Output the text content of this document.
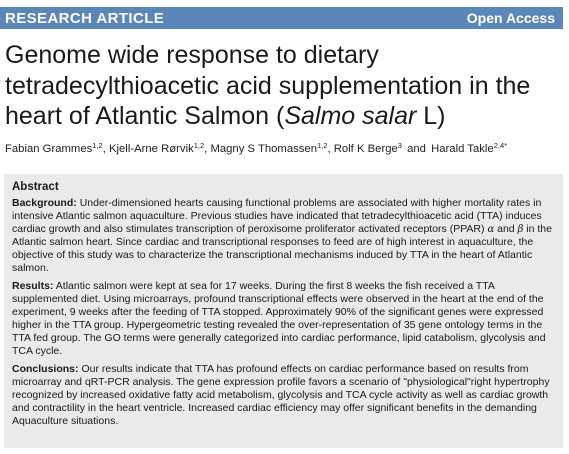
RESEARCH ARTICLE	Open Access
Genome wide response to dietary tetradecylthioacetic acid supplementation in the heart of Atlantic Salmon (Salmo salar L)
Fabian Grammes$^{1,2}$, Kjell-Arne Rørvik$^{1,2}$, Magny S Thomassen$^{1,2}$, Rolf K Berge$^3$ and Harald Takle$^{2,4*}$
Abstract

Background: Under-dimensioned hearts causing functional problems are associated with higher mortality rates in intensive Atlantic salmon aquaculture. Previous studies have indicated that tetradecylthioacetic acid (TTA) induces cardiac growth and also stimulates transcription of peroxisome proliferator activated receptors (PPAR) α and β in the Atlantic salmon heart. Since cardiac and transcriptional responses to feed are of high interest in aquaculture, the objective of this study was to characterize the transcriptional mechanisms induced by TTA in the heart of Atlantic salmon.

Results: Atlantic salmon were kept at sea for 17 weeks. During the first 8 weeks the fish received a TTA supplemented diet. Using microarrays, profound transcriptional effects were observed in the heart at the end of the experiment, 9 weeks after the feeding of TTA stopped. Approximately 90% of the significant genes were expressed higher in the TTA group. Hypergeometric testing revealed the over-representation of 35 gene ontology terms in the TTA fed group. The GO terms were generally categorized into cardiac performance, lipid catabolism, glycolysis and TCA cycle.

Conclusions: Our results indicate that TTA has profound effects on cardiac performance based on results from microarray and qRT-PCR analysis. The gene expression profile favors a scenario of "physiological"right hypertrophy recognized by increased oxidative fatty acid metabolism, glycolysis and TCA cycle activity as well as cardiac growth and contractility in the heart ventricle. Increased cardiac efficiency may offer significant benefits in the demanding Aquaculture situations.
